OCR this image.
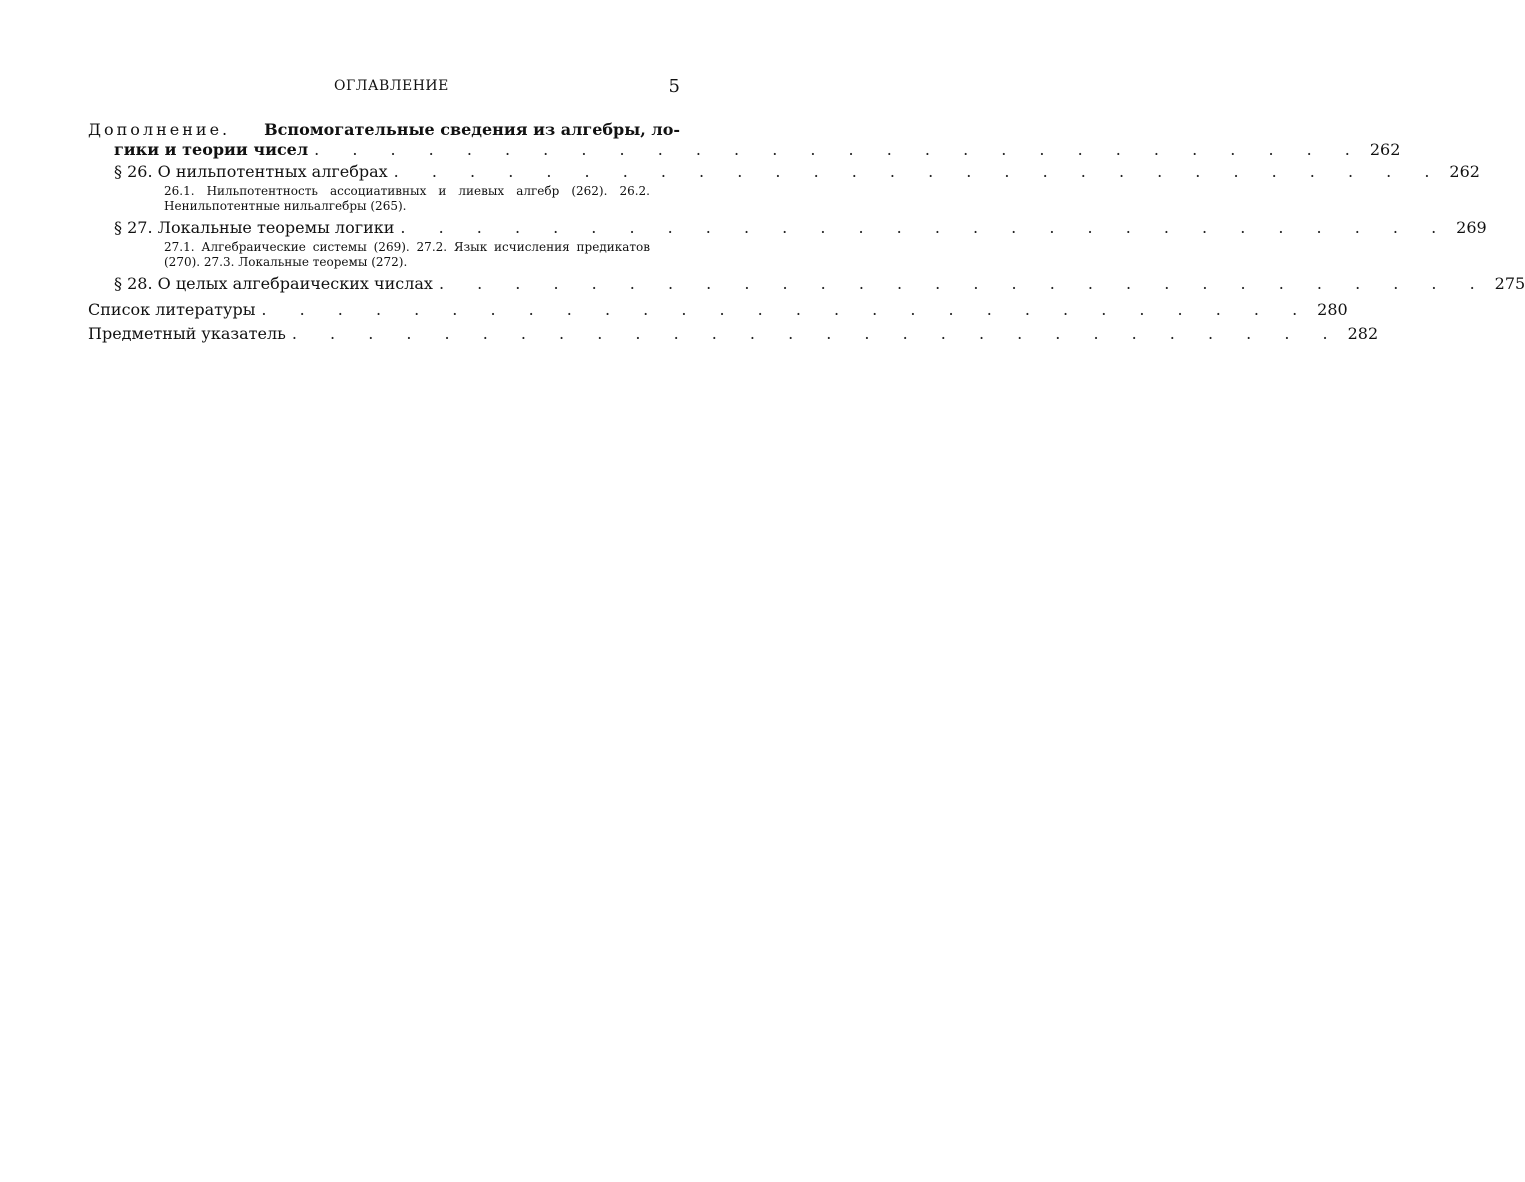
ОГЛАВЛЕНИЕ	5
Дополнение. Вспомогательные сведения из алгебры, ло-
гики и теории чисел . . . . . . . . . . . . . . . . . . . . . . . . . . . . 262
§ 26. О нильпотентных алгебрах . . . . . . . . . . . . . . . . . . . . . . . . . . . . 262
26.1. Нильпотентность ассоциативных и лиевых алгебр (262). 26.2. Ненильпотентные нильалгебры (265).
§ 27. Локальные теоремы логики . . . . . . . . . . . . . . . . . . . . . . . . . . . . 269
27.1. Алгебраические системы (269). 27.2. Язык исчисления предикатов (270). 27.3. Локальные теоремы (272).
§ 28. О целых алгебраических числах . . . . . . . . . . . . . . . . . . . . . . . . . . . . 275
Список литературы . . . . . . . . . . . . . . . . . . . . . . . . . . . . 280
Предметный указатель . . . . . . . . . . . . . . . . . . . . . . . . . . . . 282
